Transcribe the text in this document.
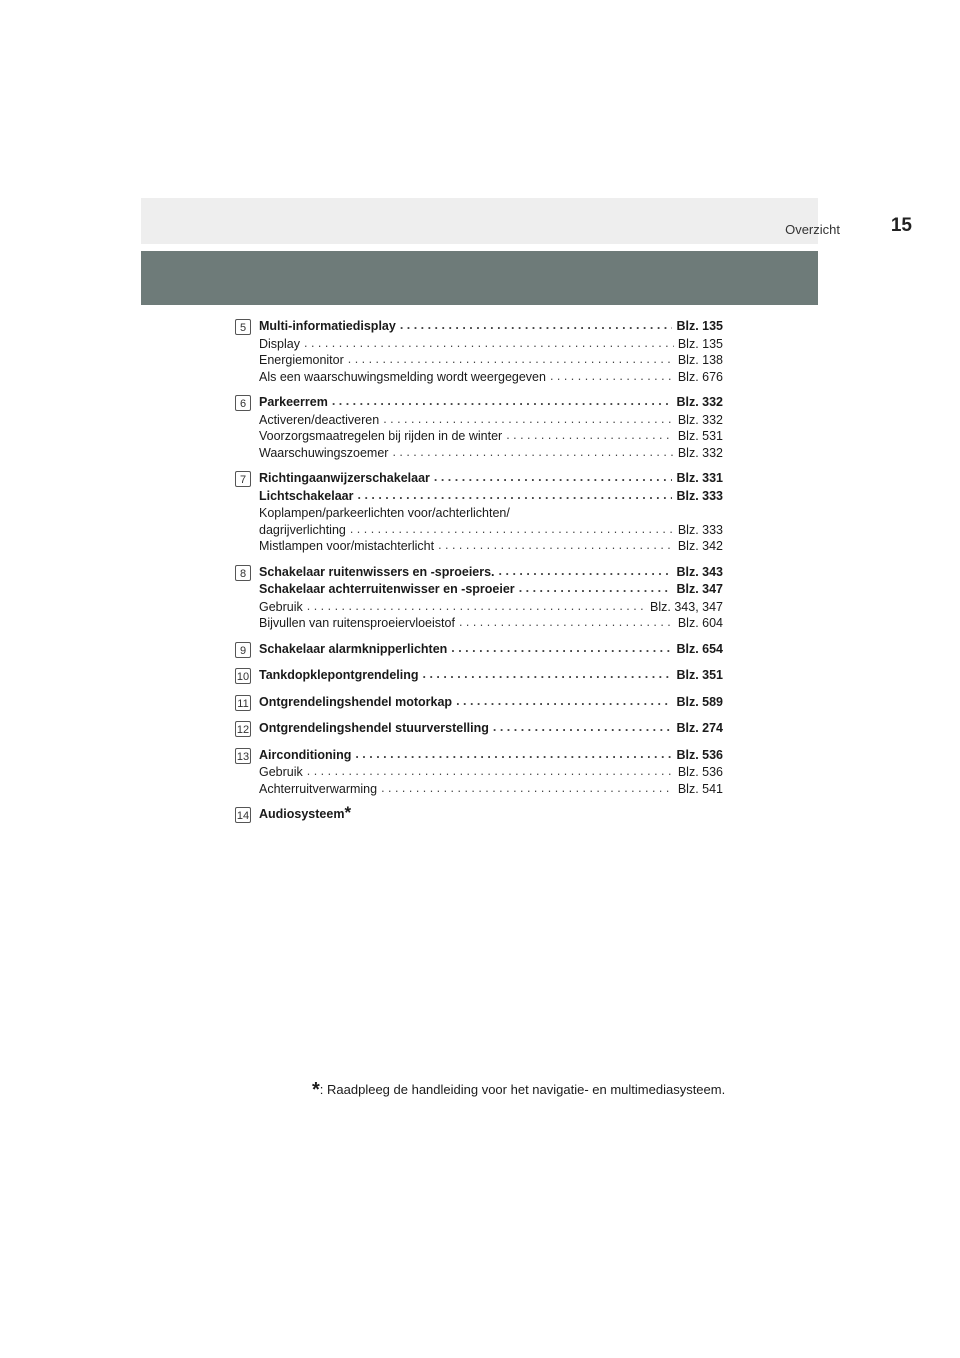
Overzicht	15
5	Multi-informatiedisplay . . .	Blz. 135
Display . . .	Blz. 135
Energiemonitor . . .	Blz. 138
Als een waarschuwingsmelding wordt weergegeven . . .	Blz. 676
6	Parkeerrem . . .	Blz. 332
Activeren/deactiveren . . .	Blz. 332
Voorzorgsmaatregelen bij rijden in de winter . . .	Blz. 531
Waarschuwingszoemer . . .	Blz. 332
7	Richtingaanwijzerschakelaar . . .	Blz. 331
Lichtschakelaar . . .	Blz. 333
Koplampen/parkeerlichten voor/achterlichten/
dagrijverlichting . . .	Blz. 333
Mistlampen voor/mistachterlicht . . .	Blz. 342
8	Schakelaar ruitenwissers en -sproeiers. . . .	Blz. 343
Schakelaar achterruitenwisser en -sproeier . . .	Blz. 347
Gebruik . . .	Blz. 343, 347
Bijvullen van ruitensproeiervloeistof . . .	Blz. 604
9	Schakelaar alarmknipperlichten . . .	Blz. 654
10 Tankdopklepontgrendeling . . .	Blz. 351
11 Ontgrendelingshendel motorkap . . .	Blz. 589
12 Ontgrendelingshendel stuurverstelling . . .	Blz. 274
13 Airconditioning . . .	Blz. 536
Gebruik . . .	Blz. 536
Achterruitverwarming . . .	Blz. 541
14 Audiosysteem *
*: Raadpleeg de handleiding voor het navigatie- en multimediasysteem.
